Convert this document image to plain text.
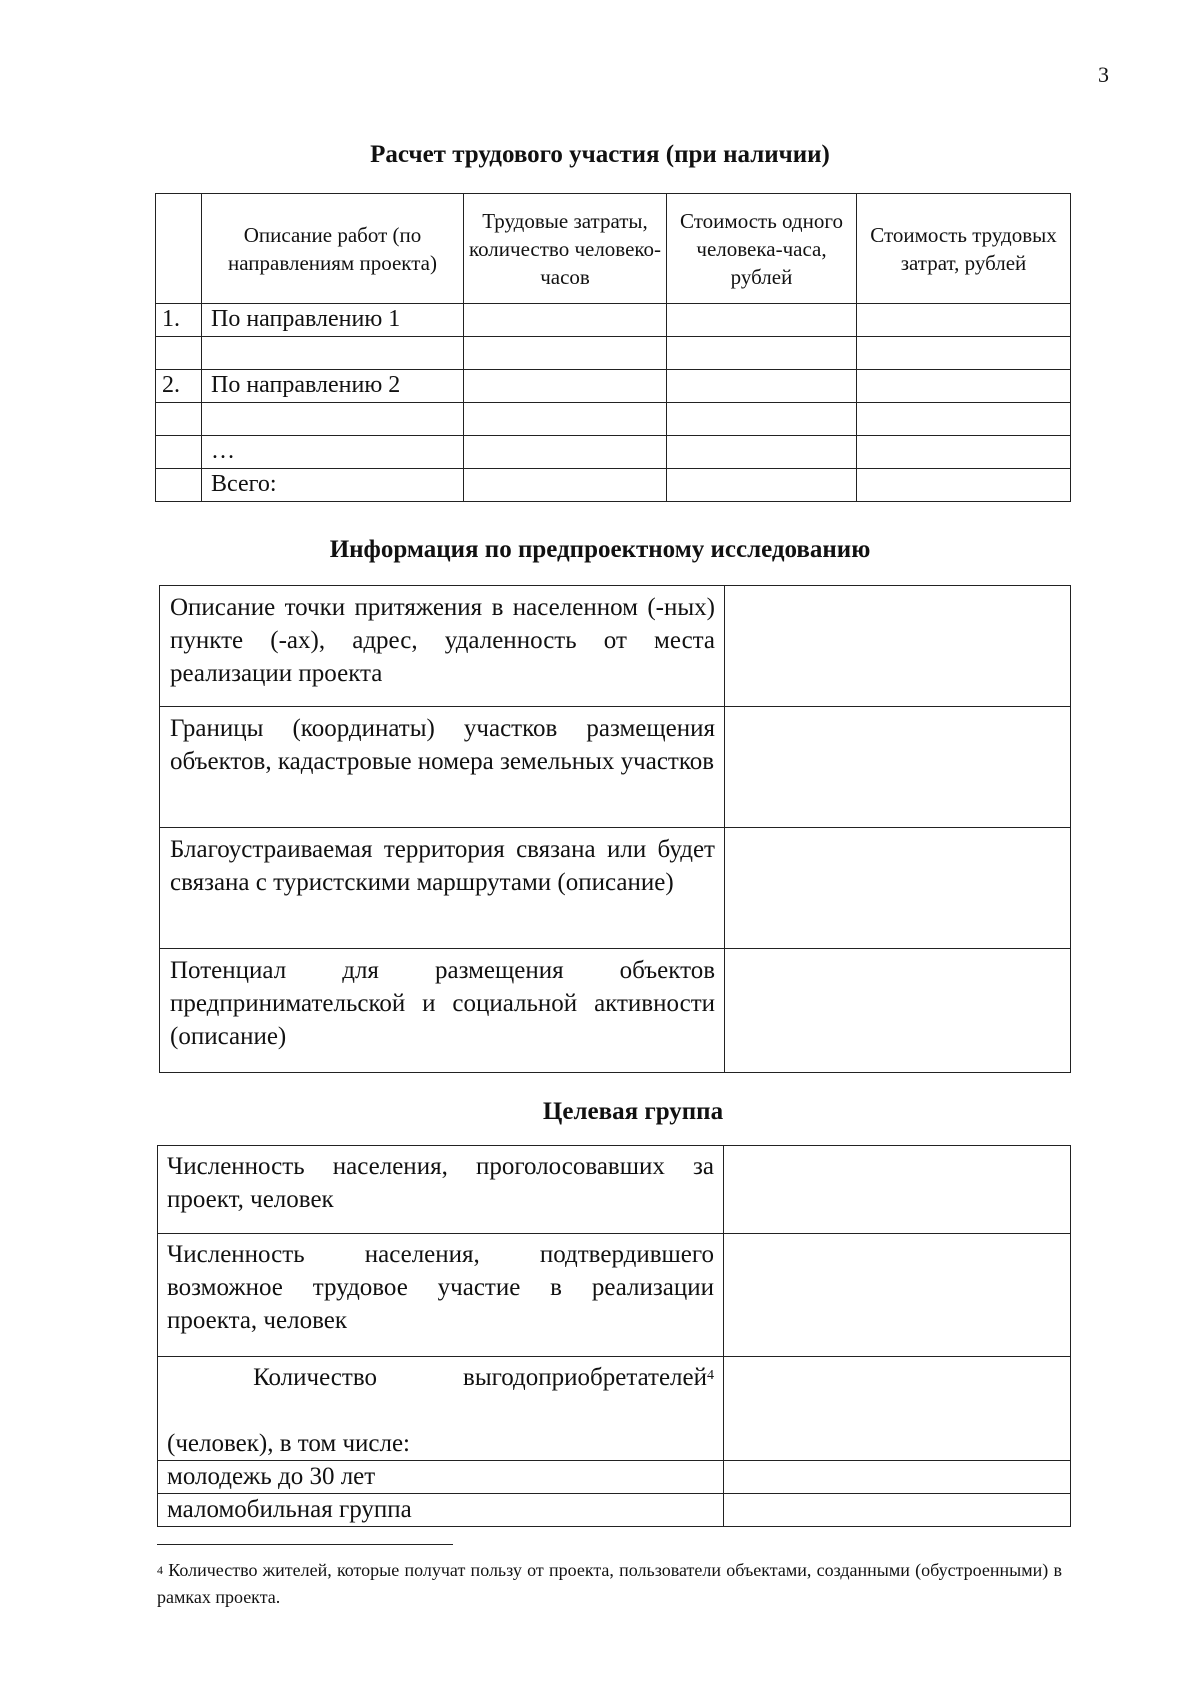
3
Расчет трудового участия (при наличии)
	Описание работ (по направлениям проекта)	Трудовые затраты, количество человеко-часов	Стоимость одного человека-часа, рублей	Стоимость трудовых затрат, рублей
1.	По направлению 1			

2.	По направлению 2			

	…			
	Всего:			
Информация по предпроектному исследованию
Описание точки притяжения в населенном (-ных) пункте (-ах), адрес, удаленность от места реализации проекта	
Границы (координаты) участков размещения объектов, кадастровые номера земельных участков	
Благоустраиваемая территория связана или будет связана с туристскими маршрутами (описание)	
Потенциал для размещения объектов предпринимательской и социальной активности (описание)	
Целевая группа
Численность населения, проголосовавших за проект, человек	
Численность населения, подтвердившего возможное трудовое участие в реализации проекта, человек	

Количество выгодоприобретателей$^4$
(человек), в том числе:	

молодежь до 30 лет	
маломобильная группа	
$^4$ Количество жителей, которые получат пользу от проекта, пользователи объектами, созданными (обустроенными) в рамках проекта.
